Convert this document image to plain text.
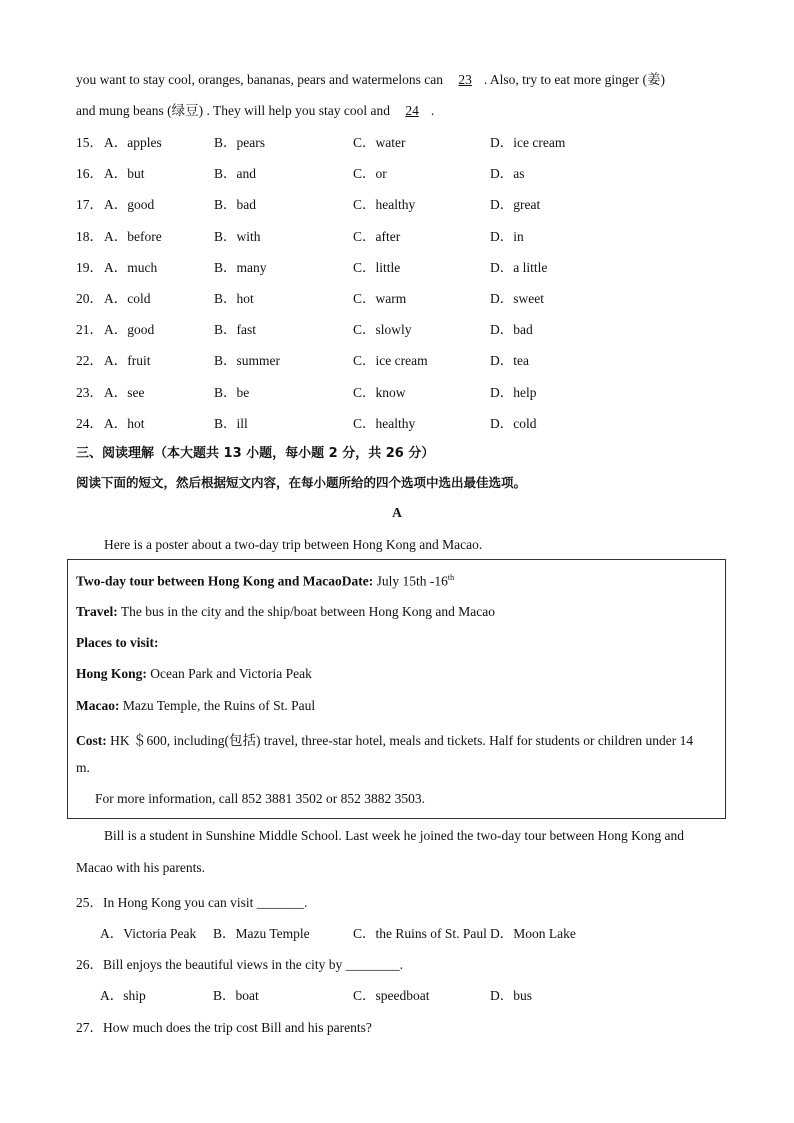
you want to stay cool, oranges, bananas, pears and watermelons can 23 . Also, try to eat more ginger (姜)
and mung beans (绿豆) . They will help you stay cool and 24 .
15． A．apples	B．pears	C．water	D．ice cream
16． A．but	B．and	C．or	D．as
17． A．good	B．bad	C．healthy	D．great
18． A．before	B．with	C．after	D．in
19． A．much	B．many	C．little	D．a little
20． A．cold	B．hot	C．warm	D．sweet
21． A．good	B．fast	C．slowly	D．bad
22． A．fruit	B．summer	C．ice cream	D．tea
23． A．see	B．be	C．know	D．help
24． A．hot	B．ill	C．healthy	D．cold
三、阅读理解（本大题共 13 小题，每小题 2 分，共 26 分）
阅读下面的短文，然后根据短文内容，在每小题所给的四个选项中选出最佳选项。
A
Here is a poster about a two-day trip between Hong Kong and Macao.
Two-day tour between Hong Kong and MacaoDate: July 15th -16th
Travel: The bus in the city and the ship/boat between Hong Kong and Macao
Places to visit:
Hong Kong: Ocean Park and Victoria Peak
Macao: Mazu Temple, the Ruins of St. Paul
Cost: HK ＄600, including(包括) travel, three-star hotel, meals and tickets. Half for students or children under 14
m.
For more information, call 852 3881 3502 or 852 3882 3503.
Bill is a student in Sunshine Middle School. Last week he joined the two-day tour between Hong Kong and
Macao with his parents.
25．In Hong Kong you can visit _______.
A．Victoria Peak B．Mazu Temple	C．the Ruins of St. Paul D．Moon Lake
26．Bill enjoys the beautiful views in the city by ________.
A．ship	B．boat	C．speedboat	D．bus
27．How much does the trip cost Bill and his parents?
